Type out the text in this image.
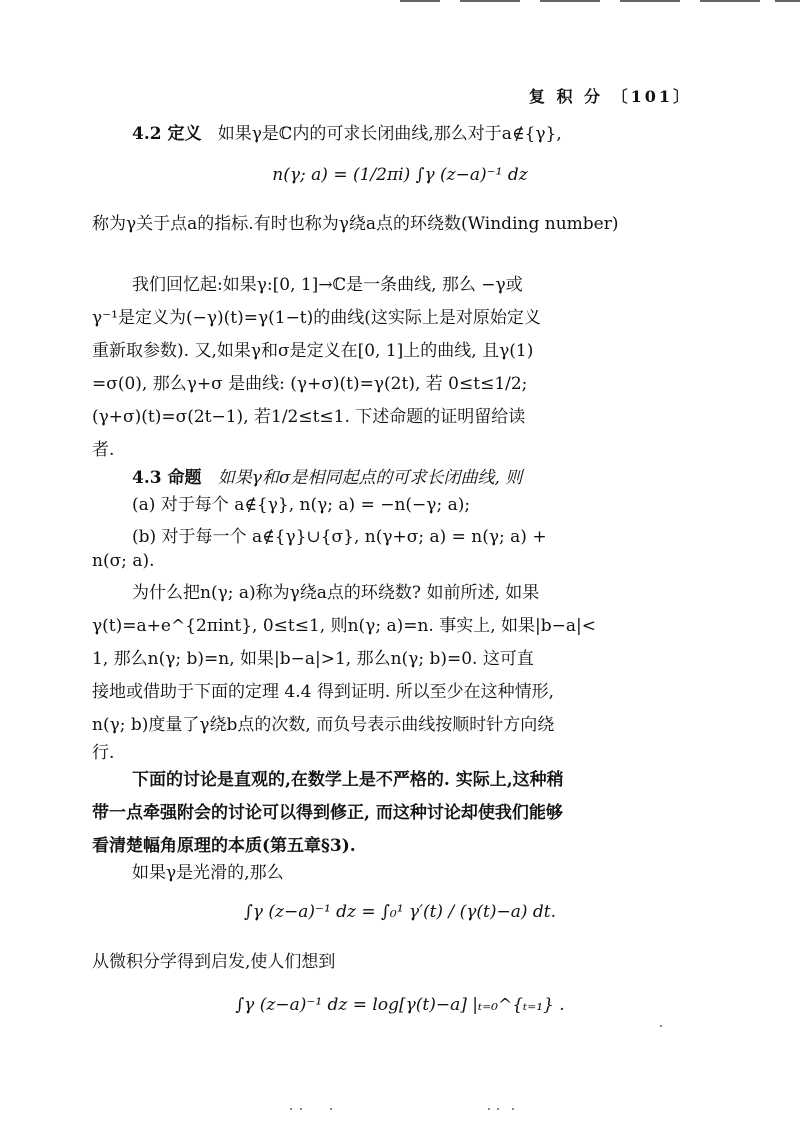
复 积 分 〔101〕
4.2 定义 如果γ是ℂ内的可求长闭曲线,那么对于a∉{γ},
n(γ; a) = (1/2πi) ∫γ (z−a)⁻¹ dz
称为γ关于点a的指标.有时也称为γ绕a点的环绕数(Winding number)
我们回忆起:如果γ:[0, 1]→ℂ是一条曲线, 那么 −γ或
γ⁻¹是定义为(−γ)(t)=γ(1−t)的曲线(这实际上是对原始定义
重新取参数). 又,如果γ和σ是定义在[0, 1]上的曲线, 且γ(1)
=σ(0), 那么γ+σ 是曲线: (γ+σ)(t)=γ(2t), 若 0≤t≤1/2;
(γ+σ)(t)=σ(2t−1), 若1/2≤t≤1. 下述命题的证明留给读
者.
4.3 命题 如果γ和σ是相同起点的可求长闭曲线, 则
(a) 对于每个 a∉{γ}, n(γ; a) = −n(−γ; a);
(b) 对于每一个 a∉{γ}∪{σ}, n(γ+σ; a) = n(γ; a) +
n(σ; a).
为什么把n(γ; a)称为γ绕a点的环绕数? 如前所述, 如果
γ(t)=a+e^{2πint}, 0≤t≤1, 则n(γ; a)=n. 事实上, 如果|b−a|<
1, 那么n(γ; b)=n, 如果|b−a|>1, 那么n(γ; b)=0. 这可直
接地或借助于下面的定理 4.4 得到证明. 所以至少在这种情形,
n(γ; b)度量了γ绕b点的次数, 而负号表示曲线按顺时针方向绕
行.
下面的讨论是直观的,在数学上是不严格的. 实际上,这种稍
带一点牵强附会的讨论可以得到修正, 而这种讨论却使我们能够
看清楚幅角原理的本质(第五章§3).
如果γ是光滑的,那么
∫γ (z−a)⁻¹ dz = ∫₀¹ γ′(t) / (γ(t)−a) dt.
从微积分学得到启发,使人们想到
∫γ (z−a)⁻¹ dz = log[γ(t)−a] |ₜ₌₀^{ₜ₌₁} .
